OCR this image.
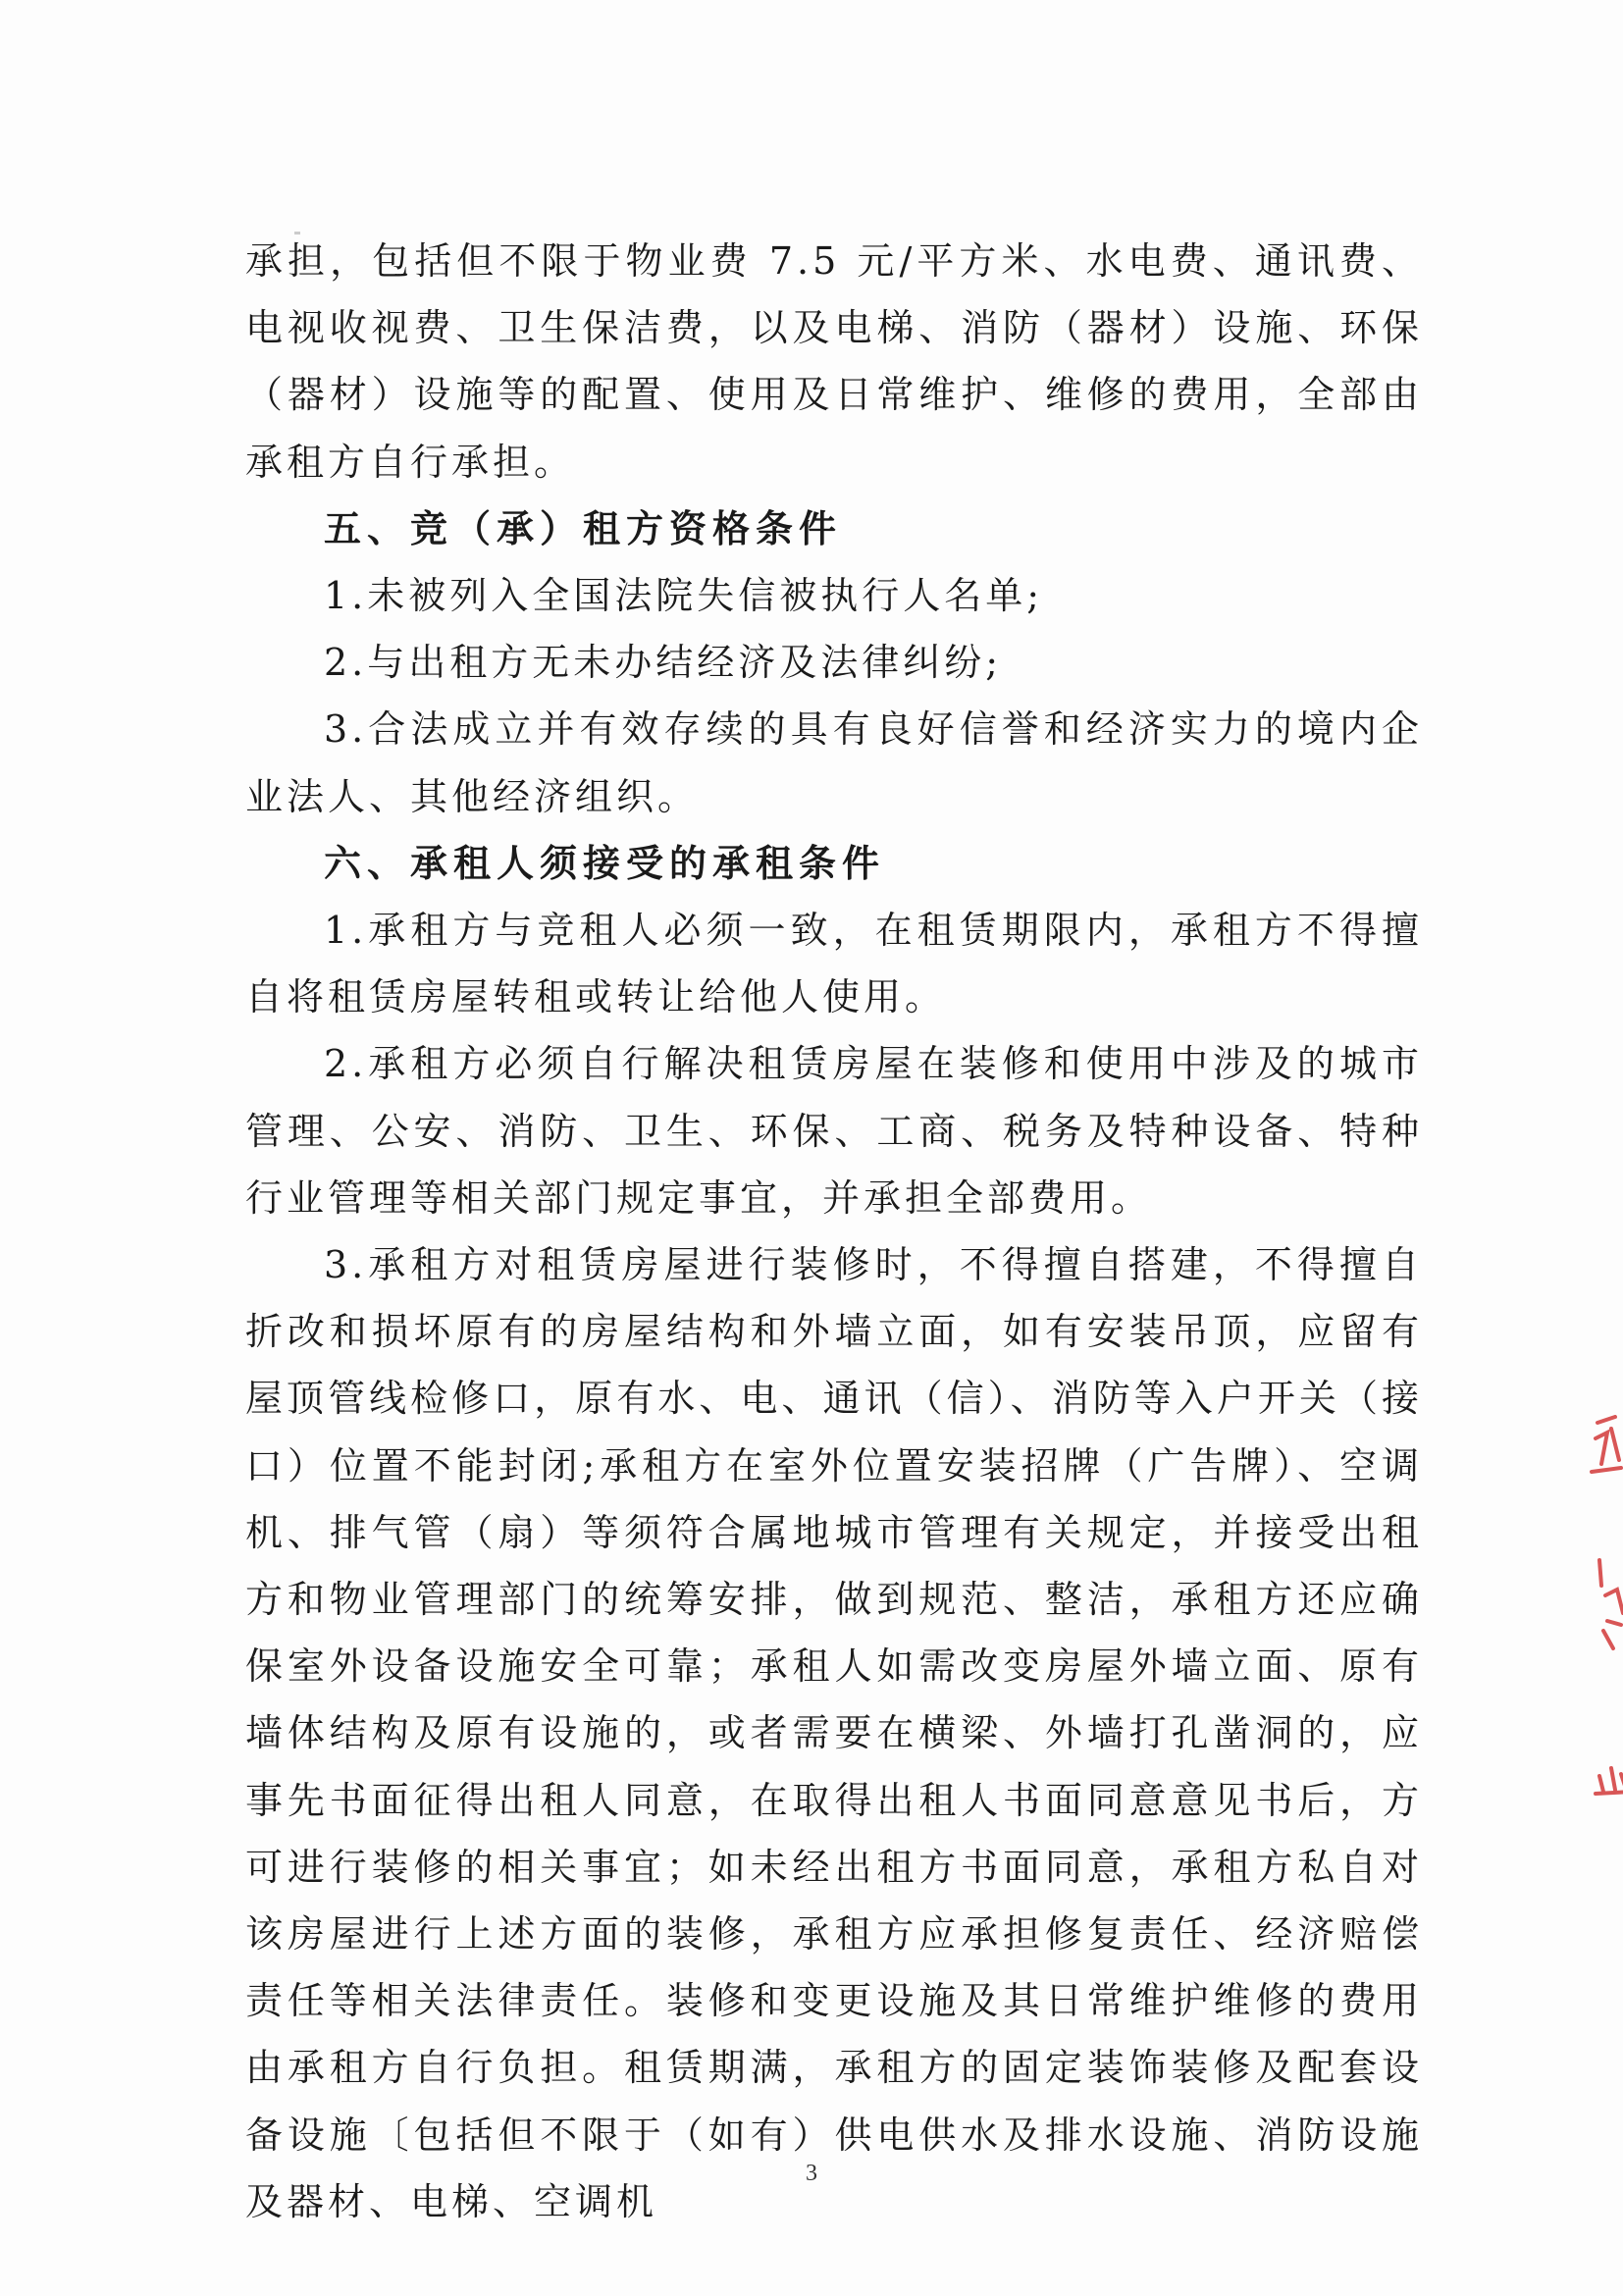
承担，包括但不限于物业费 7.5 元/平方米、水电费、通讯费、电视收视费、卫生保洁费，以及电梯、消防（器材）设施、环保（器材）设施等的配置、使用及日常维护、维修的费用，全部由承租方自行承担。

五、竞（承）租方资格条件

1.未被列入全国法院失信被执行人名单;

2.与出租方无未办结经济及法律纠纷;

3.合法成立并有效存续的具有良好信誉和经济实力的境内企业法人、其他经济组织。

六、承租人须接受的承租条件

1.承租方与竞租人必须一致，在租赁期限内，承租方不得擅自将租赁房屋转租或转让给他人使用。

2.承租方必须自行解决租赁房屋在装修和使用中涉及的城市管理、公安、消防、卫生、环保、工商、税务及特种设备、特种行业管理等相关部门规定事宜，并承担全部费用。

3.承租方对租赁房屋进行装修时，不得擅自搭建，不得擅自折改和损坏原有的房屋结构和外墙立面，如有安装吊顶，应留有屋顶管线检修口，原有水、电、通讯（信）、消防等入户开关（接口）位置不能封闭;承租方在室外位置安装招牌（广告牌）、空调机、排气管（扇）等须符合属地城市管理有关规定，并接受出租方和物业管理部门的统筹安排，做到规范、整洁，承租方还应确保室外设备设施安全可靠；承租人如需改变房屋外墙立面、原有墙体结构及原有设施的，或者需要在横梁、外墙打孔凿洞的，应事先书面征得出租人同意，在取得出租人书面同意意见书后，方可进行装修的相关事宜；如未经出租方书面同意，承租方私自对该房屋进行上述方面的装修，承租方应承担修复责任、经济赔偿责任等相关法律责任。装修和变更设施及其日常维护维修的费用由承租方自行负担。租赁期满，承租方的固定装饰装修及配套设备设施〔包括但不限于（如有）供电供水及排水设施、消防设施及器材、电梯、空调机

3
